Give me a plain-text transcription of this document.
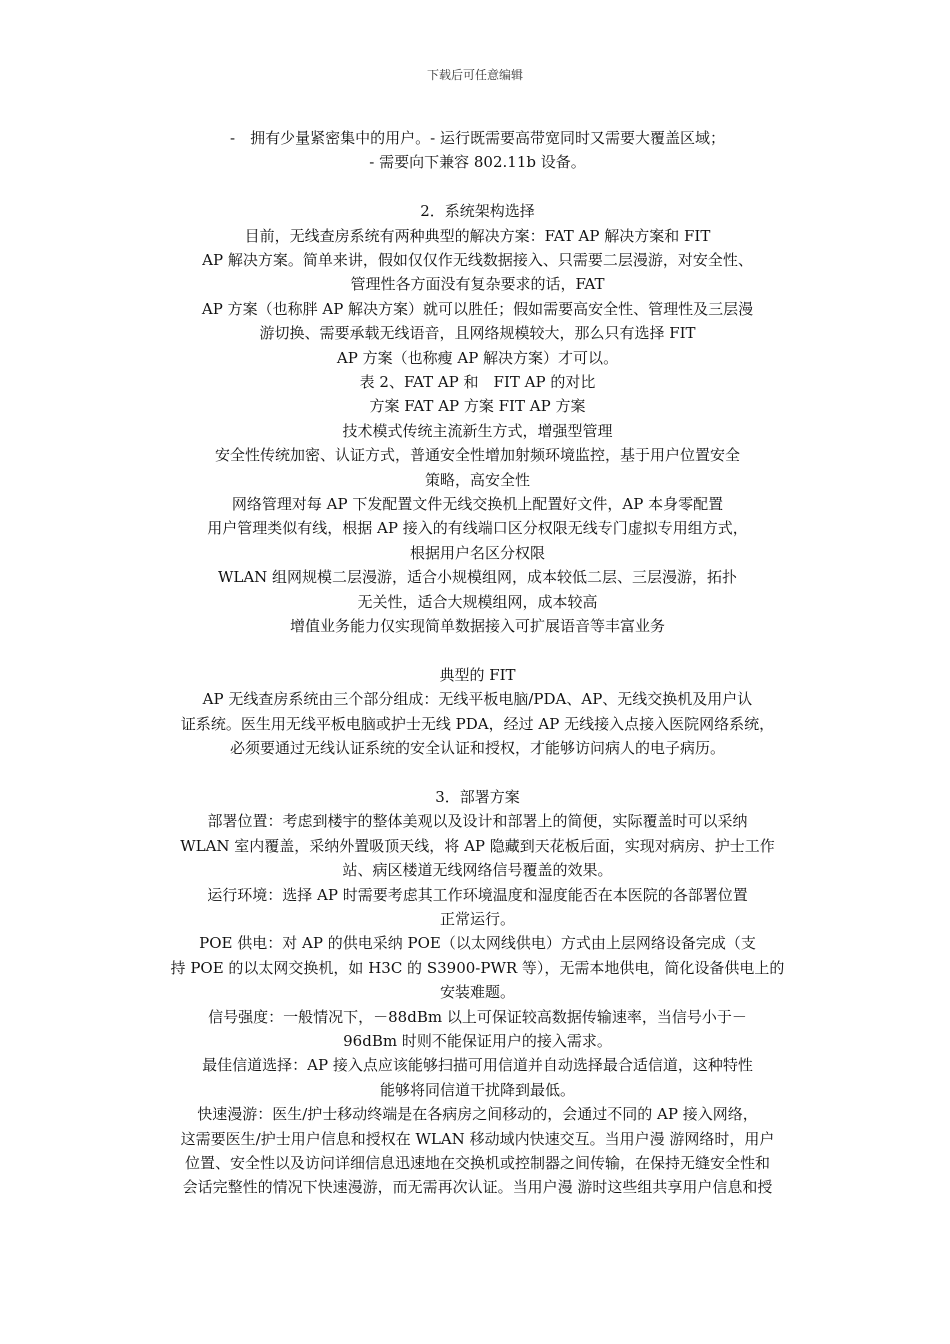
下载后可任意编辑
-　拥有少量紧密集中的用户。- 运行既需要高带宽同时又需要大覆盖区域；
- 需要向下兼容 802.11b 设备。
2．系统架构选择
目前，无线查房系统有两种典型的解决方案：FAT AP 解决方案和 FIT
AP 解决方案。简单来讲，假如仅仅作无线数据接入、只需要二层漫游，对安全性、
管理性各方面没有复杂要求的话，FAT
AP 方案（也称胖 AP 解决方案）就可以胜任；假如需要高安全性、管理性及三层漫
游切换、需要承载无线语音，且网络规模较大，那么只有选择 FIT
AP 方案（也称瘦 AP 解决方案）才可以。
表 2、FAT AP 和　FIT AP 的对比
方案 FAT AP 方案 FIT AP 方案
技术模式传统主流新生方式，增强型管理
安全性传统加密、认证方式，普通安全性增加射频环境监控，基于用户位置安全
策略，高安全性
网络管理对每 AP 下发配置文件无线交换机上配置好文件，AP 本身零配置
用户管理类似有线，根据 AP 接入的有线端口区分权限无线专门虚拟专用组方式，
根据用户名区分权限
WLAN 组网规模二层漫游，适合小规模组网，成本较低二层、三层漫游，拓扑
无关性，适合大规模组网，成本较高
增值业务能力仅实现简单数据接入可扩展语音等丰富业务
典型的 FIT
AP 无线查房系统由三个部分组成：无线平板电脑/PDA、AP、无线交换机及用户认
证系统。医生用无线平板电脑或护士无线 PDA，经过 AP 无线接入点接入医院网络系统，
必须要通过无线认证系统的安全认证和授权，才能够访问病人的电子病历。
3．部署方案
部署位置：考虑到楼宇的整体美观以及设计和部署上的简便，实际覆盖时可以采纳
WLAN 室内覆盖，采纳外置吸顶天线，将 AP 隐藏到天花板后面，实现对病房、护士工作
站、病区楼道无线网络信号覆盖的效果。
运行环境：选择 AP 时需要考虑其工作环境温度和湿度能否在本医院的各部署位置
正常运行。
POE 供电：对 AP 的供电采纳 POE（以太网线供电）方式由上层网络设备完成（支
持 POE 的以太网交换机，如 H3C 的 S3900-PWR 等），无需本地供电，简化设备供电上的
安装难题。
信号强度：一般情况下，－88dBm 以上可保证较高数据传输速率，当信号小于－
96dBm 时则不能保证用户的接入需求。
最佳信道选择：AP 接入点应该能够扫描可用信道并自动选择最合适信道，这种特性
能够将同信道干扰降到最低。
快速漫游：医生/护士移动终端是在各病房之间移动的，会通过不同的 AP 接入网络，
这需要医生/护士用户信息和授权在 WLAN 移动域内快速交互。当用户漫 游网络时，用户
位置、安全性以及访问详细信息迅速地在交换机或控制器之间传输，在保持无缝安全性和
会话完整性的情况下快速漫游，而无需再次认证。当用户漫 游时这些组共享用户信息和授
